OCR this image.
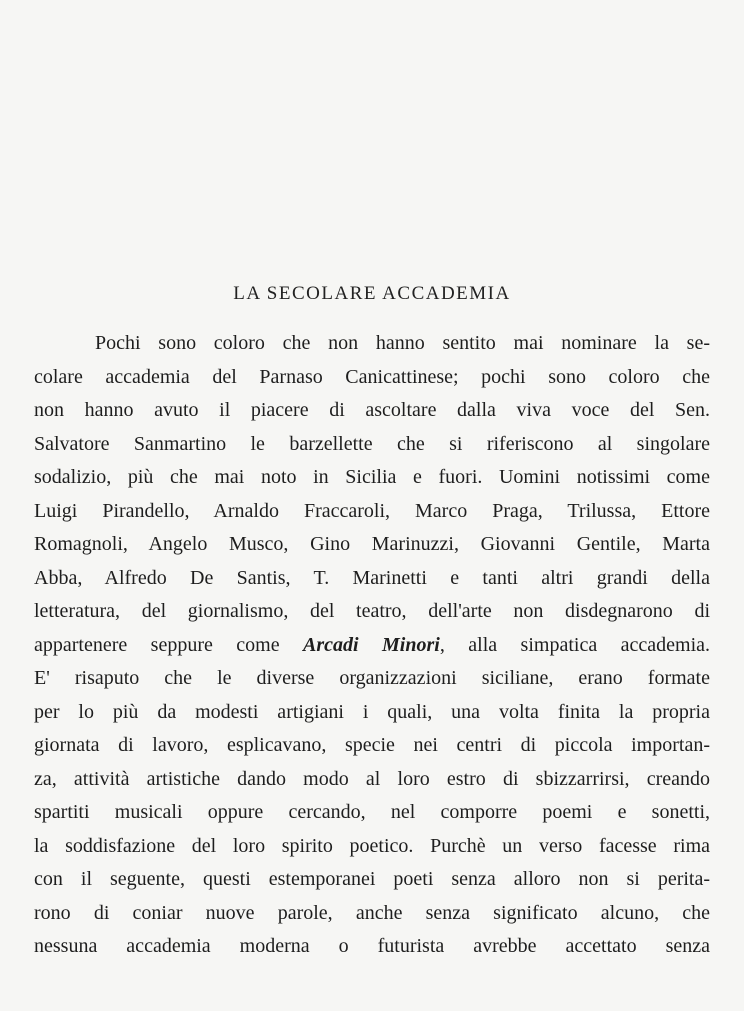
LA SECOLARE ACCADEMIA
Pochi sono coloro che non hanno sentito mai nominare la se-
colare accademia del Parnaso Canicattinese; pochi sono coloro che
non hanno avuto il piacere di ascoltare dalla viva voce del Sen.
Salvatore Sanmartino le barzellette che si riferiscono al singolare
sodalizio, più che mai noto in Sicilia e fuori. Uomini notissimi come
Luigi Pirandello, Arnaldo Fraccaroli, Marco Praga, Trilussa, Ettore
Romagnoli, Angelo Musco, Gino Marinuzzi, Giovanni Gentile, Marta
Abba, Alfredo De Santis, T. Marinetti e tanti altri grandi della
letteratura, del giornalismo, del teatro, dell'arte non disdegnarono di
appartenere seppure come Arcadi Minori, alla simpatica accademia.
E' risaputo che le diverse organizzazioni siciliane, erano formate
per lo più da modesti artigiani i quali, una volta finita la propria
giornata di lavoro, esplicavano, specie nei centri di piccola importan-
za, attività artistiche dando modo al loro estro di sbizzarrirsi, creando
spartiti musicali oppure cercando, nel comporre poemi e sonetti,
la soddisfazione del loro spirito poetico. Purchè un verso facesse rima
con il seguente, questi estemporanei poeti senza alloro non si perita-
rono di coniar nuove parole, anche senza significato alcuno, che
nessuna accademia moderna o futurista avrebbe accettato senza
